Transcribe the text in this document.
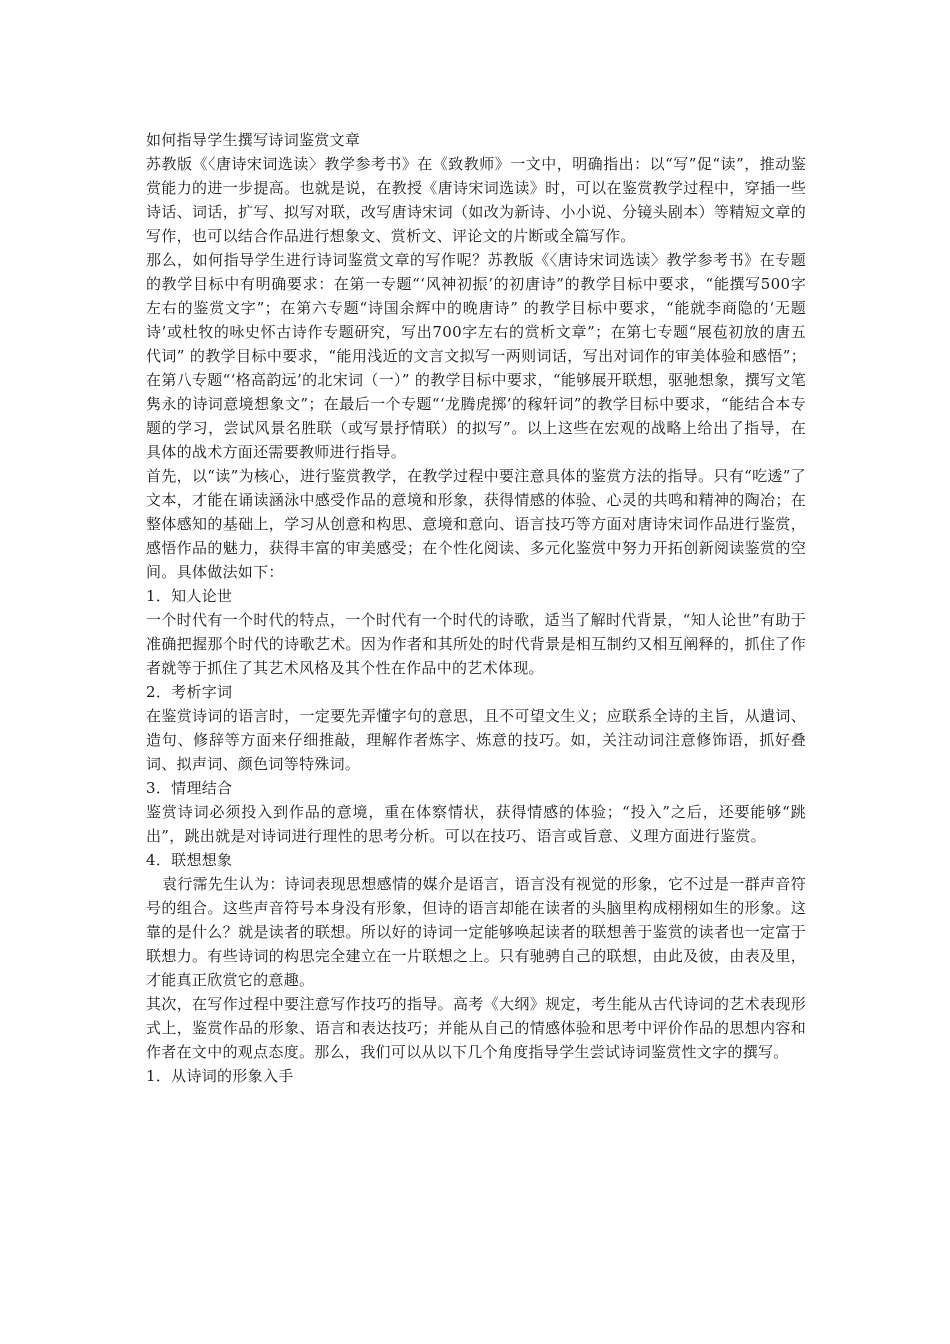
如何指导学生撰写诗词鉴赏文章

苏教版《〈唐诗宋词选读〉教学参考书》在《致教师》一文中，明确指出：以“写”促“读”，推动鉴赏能力的进一步提高。也就是说，在教授《唐诗宋词选读》时，可以在鉴赏教学过程中，穿插一些诗话、词话，扩写、拟写对联，改写唐诗宋词（如改为新诗、小小说、分镜头剧本）等精短文章的写作，也可以结合作品进行想象文、赏析文、评论文的片断或全篇写作。

那么，如何指导学生进行诗词鉴赏文章的写作呢？苏教版《〈唐诗宋词选读〉教学参考书》在专题的教学目标中有明确要求：在第一专题“‘风神初振’的初唐诗”的教学目标中要求，“能撰写500字左右的鉴赏文字”；在第六专题“诗国余辉中的晚唐诗” 的教学目标中要求，“能就李商隐的‘无题诗’或杜牧的咏史怀古诗作专题研究，写出700字左右的赏析文章”；在第七专题“展苞初放的唐五代词” 的教学目标中要求，“能用浅近的文言文拟写一两则词话，写出对词作的审美体验和感悟”；在第八专题“‘格高韵远’的北宋词（一）” 的教学目标中要求，“能够展开联想，驱驰想象，撰写文笔隽永的诗词意境想象文”；在最后一个专题“‘龙腾虎掷’的稼轩词”的教学目标中要求，“能结合本专题的学习，尝试风景名胜联（或写景抒情联）的拟写”。以上这些在宏观的战略上给出了指导，在具体的战术方面还需要教师进行指导。

首先，以“读”为核心，进行鉴赏教学，在教学过程中要注意具体的鉴赏方法的指导。只有“吃透”了文本，才能在诵读涵泳中感受作品的意境和形象，获得情感的体验、心灵的共鸣和精神的陶冶；在整体感知的基础上，学习从创意和构思、意境和意向、语言技巧等方面对唐诗宋词作品进行鉴赏，感悟作品的魅力，获得丰富的审美感受；在个性化阅读、多元化鉴赏中努力开拓创新阅读鉴赏的空间。具体做法如下：

1．知人论世

一个时代有一个时代的特点，一个时代有一个时代的诗歌，适当了解时代背景，“知人论世”有助于准确把握那个时代的诗歌艺术。因为作者和其所处的时代背景是相互制约又相互阐释的，抓住了作者就等于抓住了其艺术风格及其个性在作品中的艺术体现。

2．考析字词

在鉴赏诗词的语言时，一定要先弄懂字句的意思，且不可望文生义；应联系全诗的主旨，从遣词、造句、修辞等方面来仔细推敲，理解作者炼字、炼意的技巧。如，关注动词注意修饰语，抓好叠词、拟声词、颜色词等特殊词。

3．情理结合

鉴赏诗词必须投入到作品的意境，重在体察情状，获得情感的体验；“投入”之后，还要能够“跳出”，跳出就是对诗词进行理性的思考分析。可以在技巧、语言或旨意、义理方面进行鉴赏。

4．联想想象

袁行霈先生认为：诗词表现思想感情的媒介是语言，语言没有视觉的形象，它不过是一群声音符号的组合。这些声音符号本身没有形象，但诗的语言却能在读者的头脑里构成栩栩如生的形象。这靠的是什么？就是读者的联想。所以好的诗词一定能够唤起读者的联想善于鉴赏的读者也一定富于联想力。有些诗词的构思完全建立在一片联想之上。只有驰骋自己的联想，由此及彼，由表及里，才能真正欣赏它的意趣。

其次，在写作过程中要注意写作技巧的指导。高考《大纲》规定，考生能从古代诗词的艺术表现形式上，鉴赏作品的形象、语言和表达技巧；并能从自己的情感体验和思考中评价作品的思想内容和作者在文中的观点态度。那么，我们可以从以下几个角度指导学生尝试诗词鉴赏性文字的撰写。

1．从诗词的形象入手
